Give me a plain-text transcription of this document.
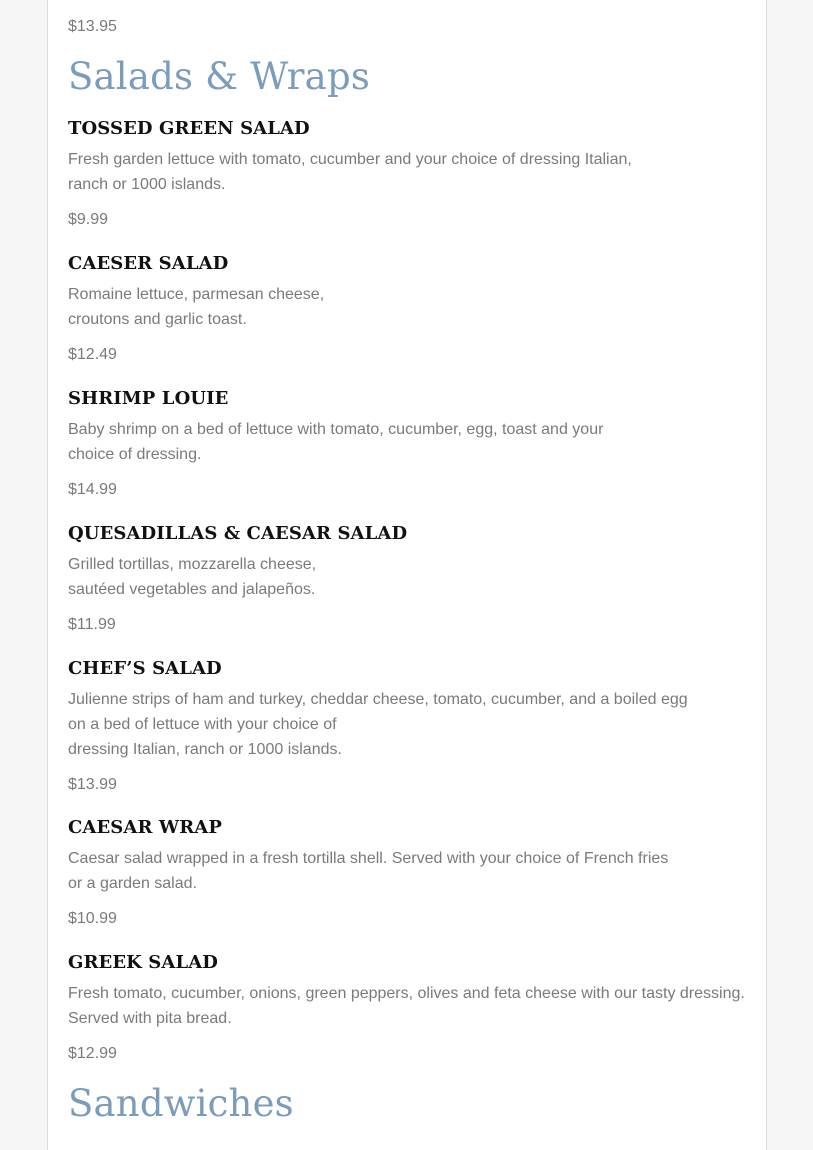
$13.95

Salads & Wraps
TOSSED GREEN SALAD

Fresh garden lettuce with tomato, cucumber and your choice of dressing Italian,
ranch or 1000 islands.

$9.99

CAESER SALAD

Romaine lettuce, parmesan cheese,
croutons and garlic toast.

$12.49

SHRIMP LOUIE

Baby shrimp on a bed of lettuce with tomato, cucumber, egg, toast and your
choice of dressing.

$14.99

QUESADILLAS & CAESAR SALAD

Grilled tortillas, mozzarella cheese,
sautéed vegetables and jalapeños.

$11.99

CHEF’S SALAD

Julienne strips of ham and turkey, cheddar cheese, tomato, cucumber, and a boiled egg
on a bed of lettuce with your choice of
dressing Italian, ranch or 1000 islands.

$13.99

CAESAR WRAP

Caesar salad wrapped in a fresh tortilla shell. Served with your choice of French fries
or a garden salad.

$10.99

GREEK SALAD

Fresh tomato, cucumber, onions, green peppers, olives and feta cheese with our tasty dressing.
Served with pita bread.

$12.99

Sandwiches
